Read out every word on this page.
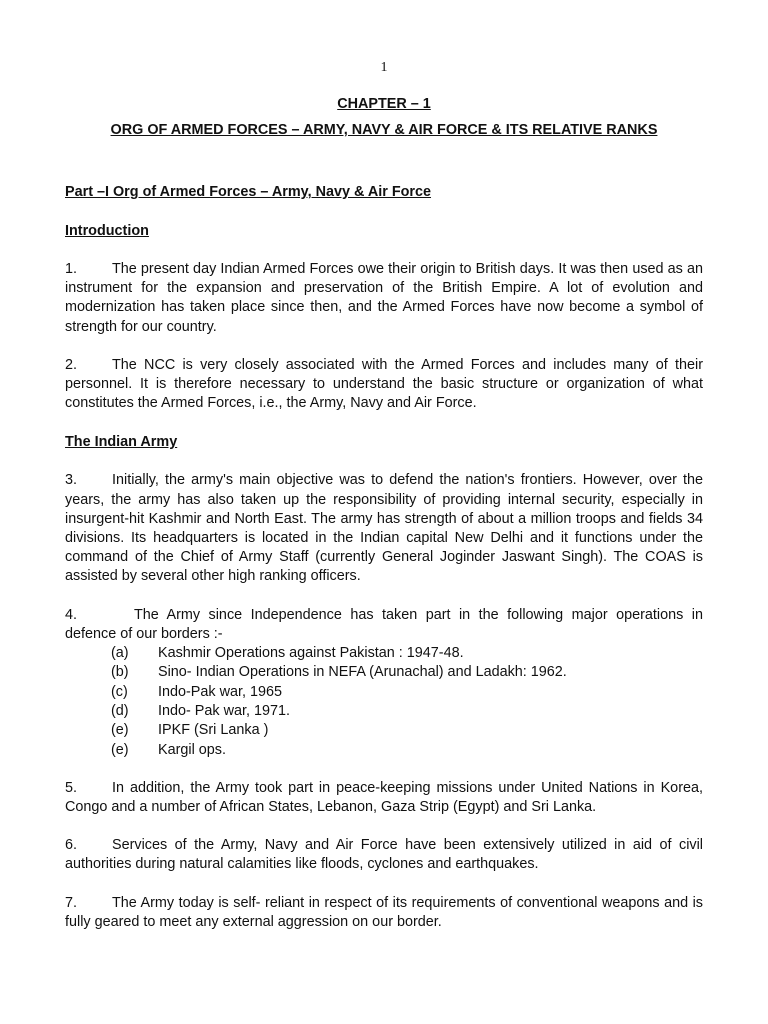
1
CHAPTER – 1
ORG OF ARMED FORCES – ARMY, NAVY & AIR FORCE & ITS RELATIVE RANKS
Part –I Org of Armed Forces – Army, Navy & Air Force
Introduction

1. The present day Indian Armed Forces owe their origin to British days. It was then used as an instrument for the expansion and preservation of the British Empire. A lot of evolution and modernization has taken place since then, and the Armed Forces have now become a symbol of strength for our country.

2. The NCC is very closely associated with the Armed Forces and includes many of their personnel. It is therefore necessary to understand the basic structure or organization of what constitutes the Armed Forces, i.e., the Army, Navy and Air Force.

The Indian Army

3. Initially, the army's main objective was to defend the nation's frontiers. However, over the years, the army has also taken up the responsibility of providing internal security, especially in insurgent-hit Kashmir and North East. The army has strength of about a million troops and fields 34 divisions. Its headquarters is located in the Indian capital New Delhi and it functions under the command of the Chief of Army Staff (currently General Joginder Jaswant Singh). The COAS is assisted by several other high ranking officers.

4.	The Army since Independence has taken part in the following major operations in defence of our borders :-

(a) Kashmir Operations against Pakistan : 1947-48.
(b) Sino- Indian Operations in NEFA (Arunachal) and Ladakh: 1962.
(c) Indo-Pak war, 1965
(d) Indo- Pak war, 1971.
(e) IPKF (Sri Lanka )
(e) Kargil ops.

5. In addition, the Army took part in peace-keeping missions under United Nations in Korea, Congo and a number of African States, Lebanon, Gaza Strip (Egypt) and Sri Lanka.

6. Services of the Army, Navy and Air Force have been extensively utilized in aid of civil authorities during natural calamities like floods, cyclones and earthquakes.

7. The Army today is self- reliant in respect of its requirements of conventional weapons and is fully geared to meet any external aggression on our border.
